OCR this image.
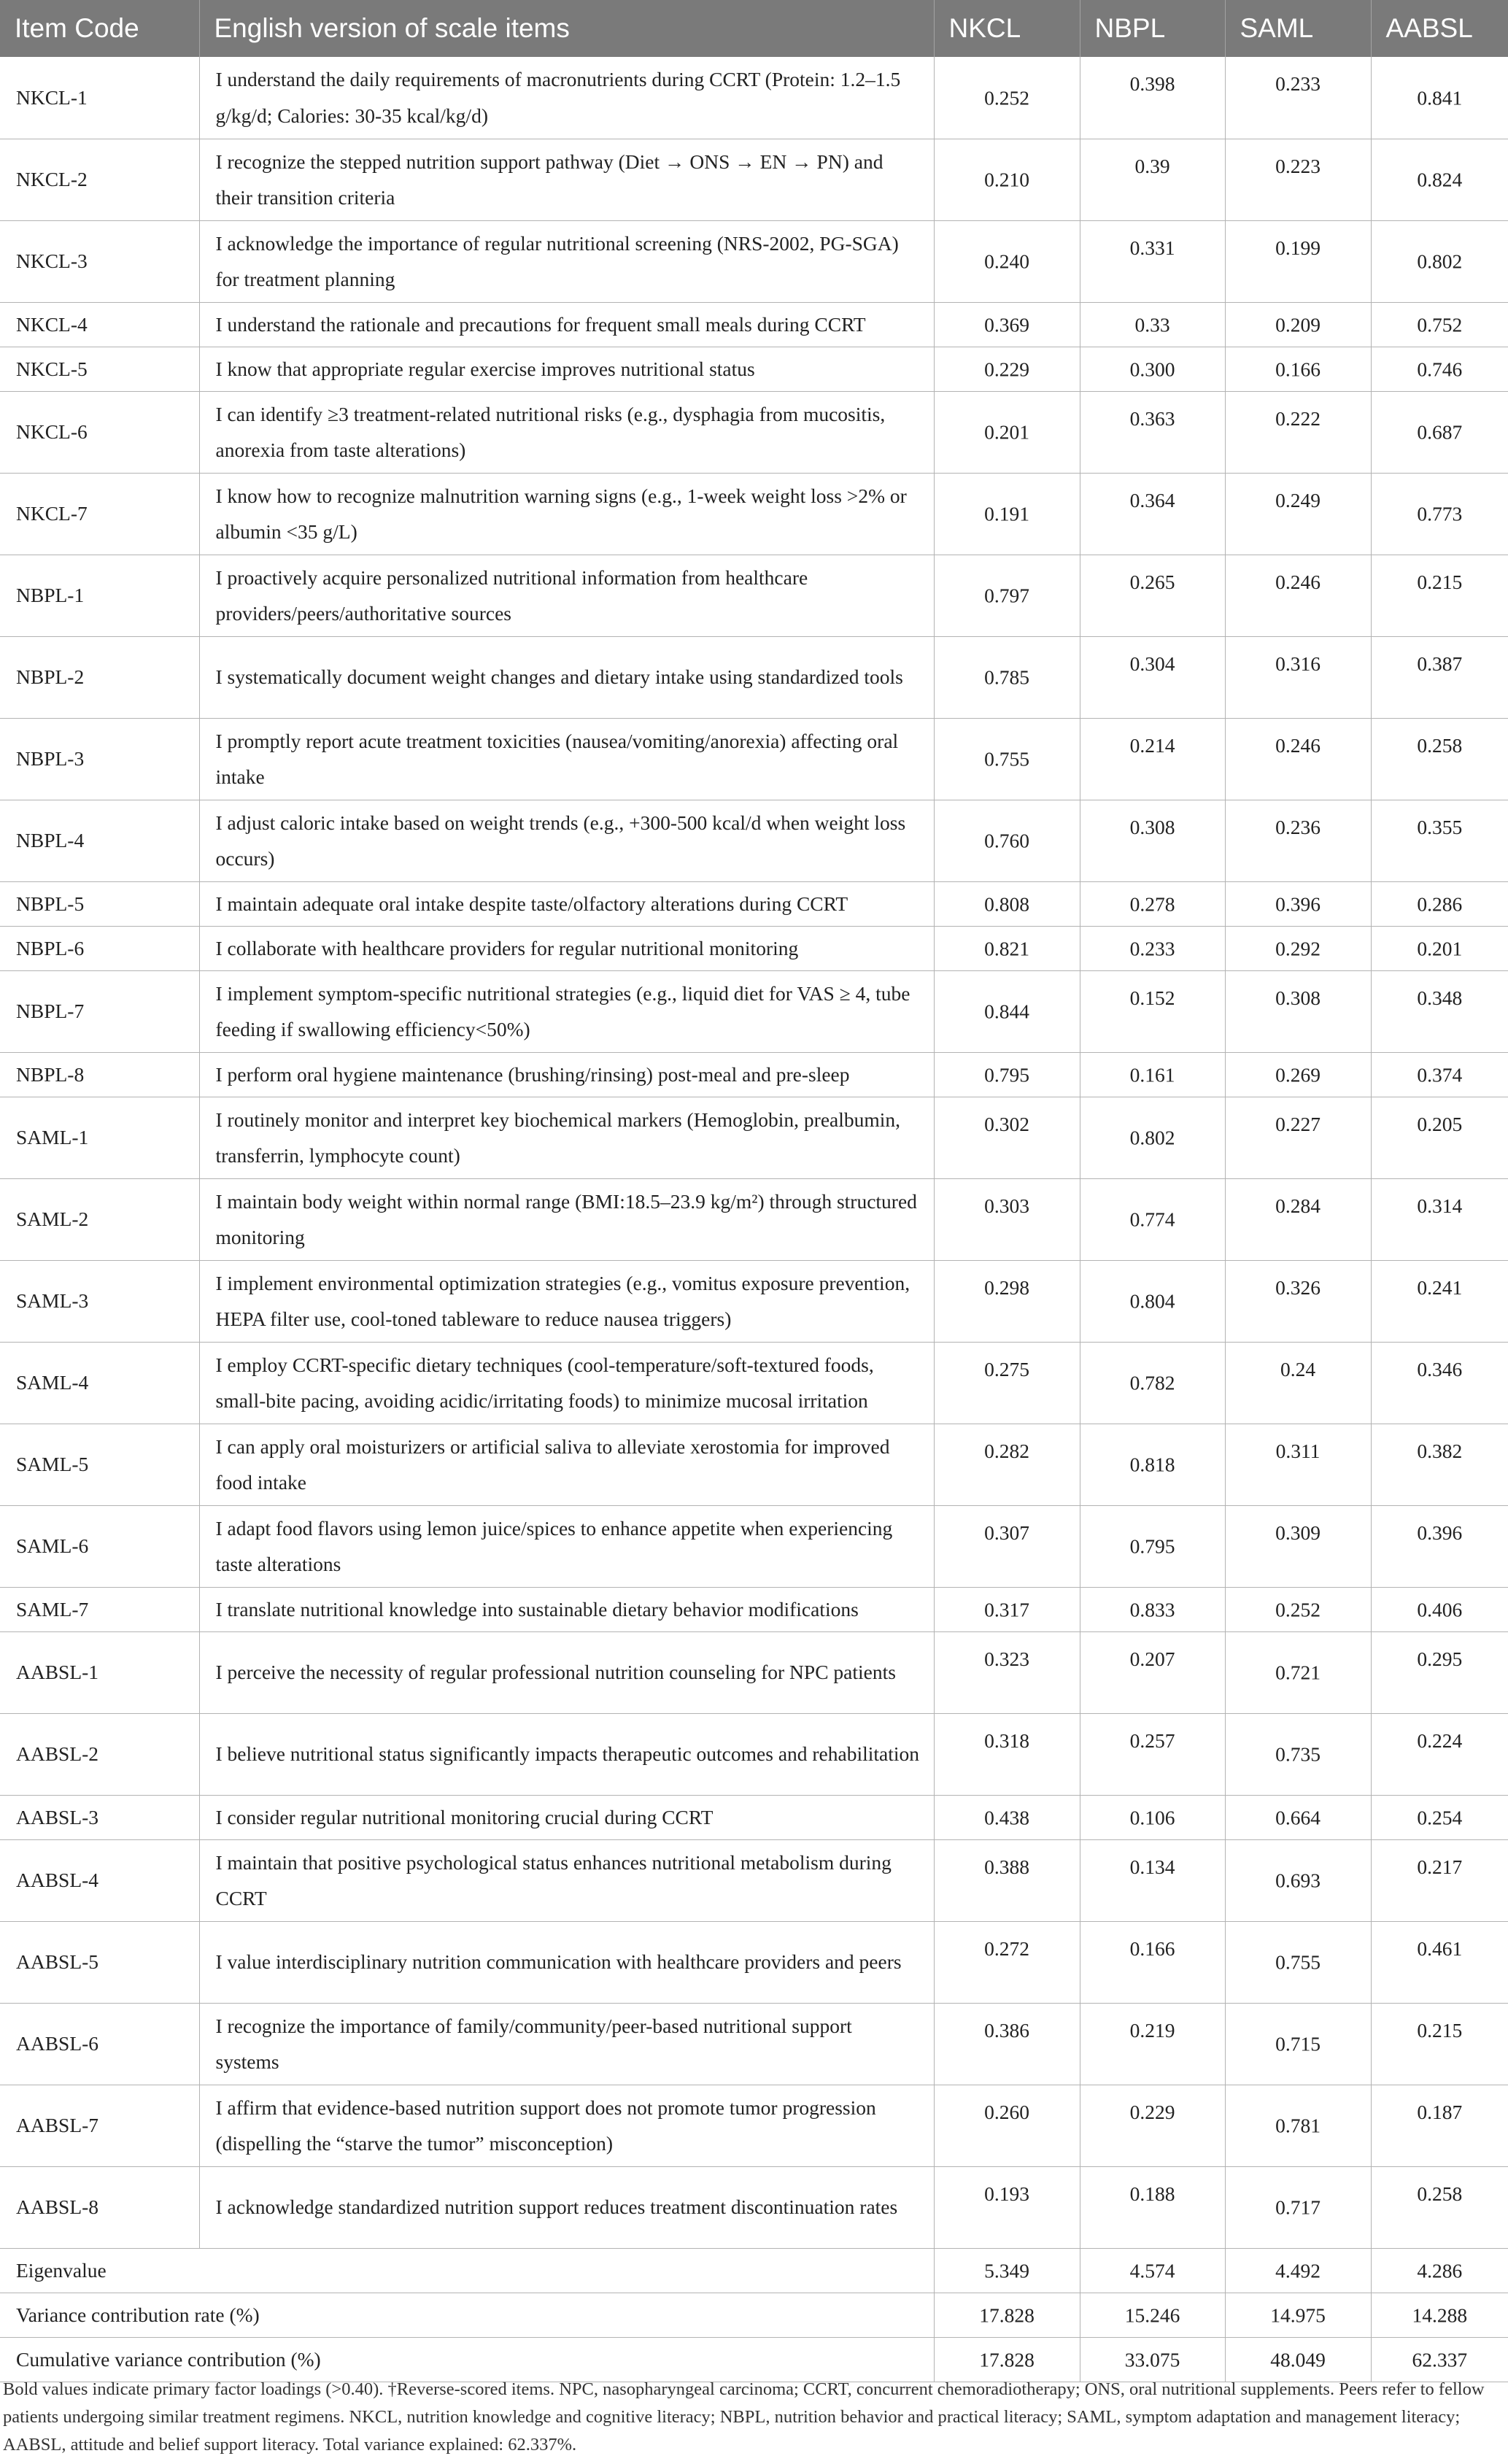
Item Code	English version of scale items	NKCL	NBPL	SAML	AABSL
NKCL-1	I understand the daily requirements of macronutrients during CCRT (Protein: 1.2–1.5 g/kg/d; Calories: 30-35 kcal/kg/d)	0.252	0.398	0.233	0.841

NKCL-2	I recognize the stepped nutrition support pathway (Diet → ONS → EN → PN) and their transition criteria	0.210	0.39	0.223	0.824

NKCL-3	I acknowledge the importance of regular nutritional screening (NRS-2002, PG-SGA) for treatment planning	0.240	0.331	0.199	0.802

NKCL-4	I understand the rationale and precautions for frequent small meals during CCRT	0.369	0.33	0.209	0.752

NKCL-5	I know that appropriate regular exercise improves nutritional status	0.229	0.300	0.166	0.746

NKCL-6	I can identify ≥3 treatment-related nutritional risks (e.g., dysphagia from mucositis, anorexia from taste alterations)	0.201	0.363	0.222	0.687

NKCL-7	I know how to recognize malnutrition warning signs (e.g., 1-week weight loss >2% or albumin <35 g/L)	0.191	0.364	0.249	0.773

NBPL-1	I proactively acquire personalized nutritional information from healthcare providers/peers/authoritative sources	0.797	0.265	0.246	0.215

NBPL-2	I systematically document weight changes and dietary intake using standardized tools	0.785	0.304	0.316	0.387

NBPL-3	I promptly report acute treatment toxicities (nausea/vomiting/anorexia) affecting oral intake	0.755	0.214	0.246	0.258

NBPL-4	I adjust caloric intake based on weight trends (e.g., +300-500 kcal/d when weight loss occurs)	0.760	0.308	0.236	0.355

NBPL-5	I maintain adequate oral intake despite taste/olfactory alterations during CCRT	0.808	0.278	0.396	0.286

NBPL-6	I collaborate with healthcare providers for regular nutritional monitoring	0.821	0.233	0.292	0.201

NBPL-7	I implement symptom-specific nutritional strategies (e.g., liquid diet for VAS ≥ 4, tube feeding if swallowing efficiency<50%)	0.844	0.152	0.308	0.348

NBPL-8	I perform oral hygiene maintenance (brushing/rinsing) post-meal and pre-sleep	0.795	0.161	0.269	0.374

SAML-1	I routinely monitor and interpret key biochemical markers (Hemoglobin, prealbumin, transferrin, lymphocyte count)	0.302	0.802	0.227	0.205

SAML-2	I maintain body weight within normal range (BMI:18.5–23.9 kg/m²) through structured monitoring	0.303	0.774	0.284	0.314

SAML-3	I implement environmental optimization strategies (e.g., vomitus exposure prevention, HEPA filter use, cool-toned tableware to reduce nausea triggers)	0.298	0.804	0.326	0.241

SAML-4	I employ CCRT-specific dietary techniques (cool-temperature/soft-textured foods, small-bite pacing, avoiding acidic/irritating foods) to minimize mucosal irritation	0.275	0.782	0.24	0.346

SAML-5	I can apply oral moisturizers or artificial saliva to alleviate xerostomia for improved food intake	0.282	0.818	0.311	0.382

SAML-6	I adapt food flavors using lemon juice/spices to enhance appetite when experiencing taste alterations	0.307	0.795	0.309	0.396

SAML-7	I translate nutritional knowledge into sustainable dietary behavior modifications	0.317	0.833	0.252	0.406

AABSL-1	I perceive the necessity of regular professional nutrition counseling for NPC patients	0.323	0.207	0.721	0.295

AABSL-2	I believe nutritional status significantly impacts therapeutic outcomes and rehabilitation	0.318	0.257	0.735	0.224

AABSL-3	I consider regular nutritional monitoring crucial during CCRT	0.438	0.106	0.664	0.254

AABSL-4	I maintain that positive psychological status enhances nutritional metabolism during CCRT	0.388	0.134	0.693	0.217

AABSL-5	I value interdisciplinary nutrition communication with healthcare providers and peers	0.272	0.166	0.755	0.461

AABSL-6	I recognize the importance of family/community/peer-based nutritional support systems	0.386	0.219	0.715	0.215

AABSL-7	I affirm that evidence-based nutrition support does not promote tumor progression (dispelling the “starve the tumor” misconception)	0.260	0.229	0.781	0.187

AABSL-8	I acknowledge standardized nutrition support reduces treatment discontinuation rates	0.193	0.188	0.717	0.258

Eigenvalue		5.349	4.574	4.492	4.286

Variance contribution rate (%)		17.828	15.246	14.975	14.288

Cumulative variance contribution (%)		17.828	33.075	48.049	62.337
Bold values indicate primary factor loadings (>0.40). †Reverse-scored items. NPC, nasopharyngeal carcinoma; CCRT, concurrent chemoradiotherapy; ONS, oral nutritional supplements. Peers refer to fellow patients undergoing similar treatment regimens. NKCL, nutrition knowledge and cognitive literacy; NBPL, nutrition behavior and practical literacy; SAML, symptom adaptation and management literacy; AABSL, attitude and belief support literacy. Total variance explained: 62.337%.
